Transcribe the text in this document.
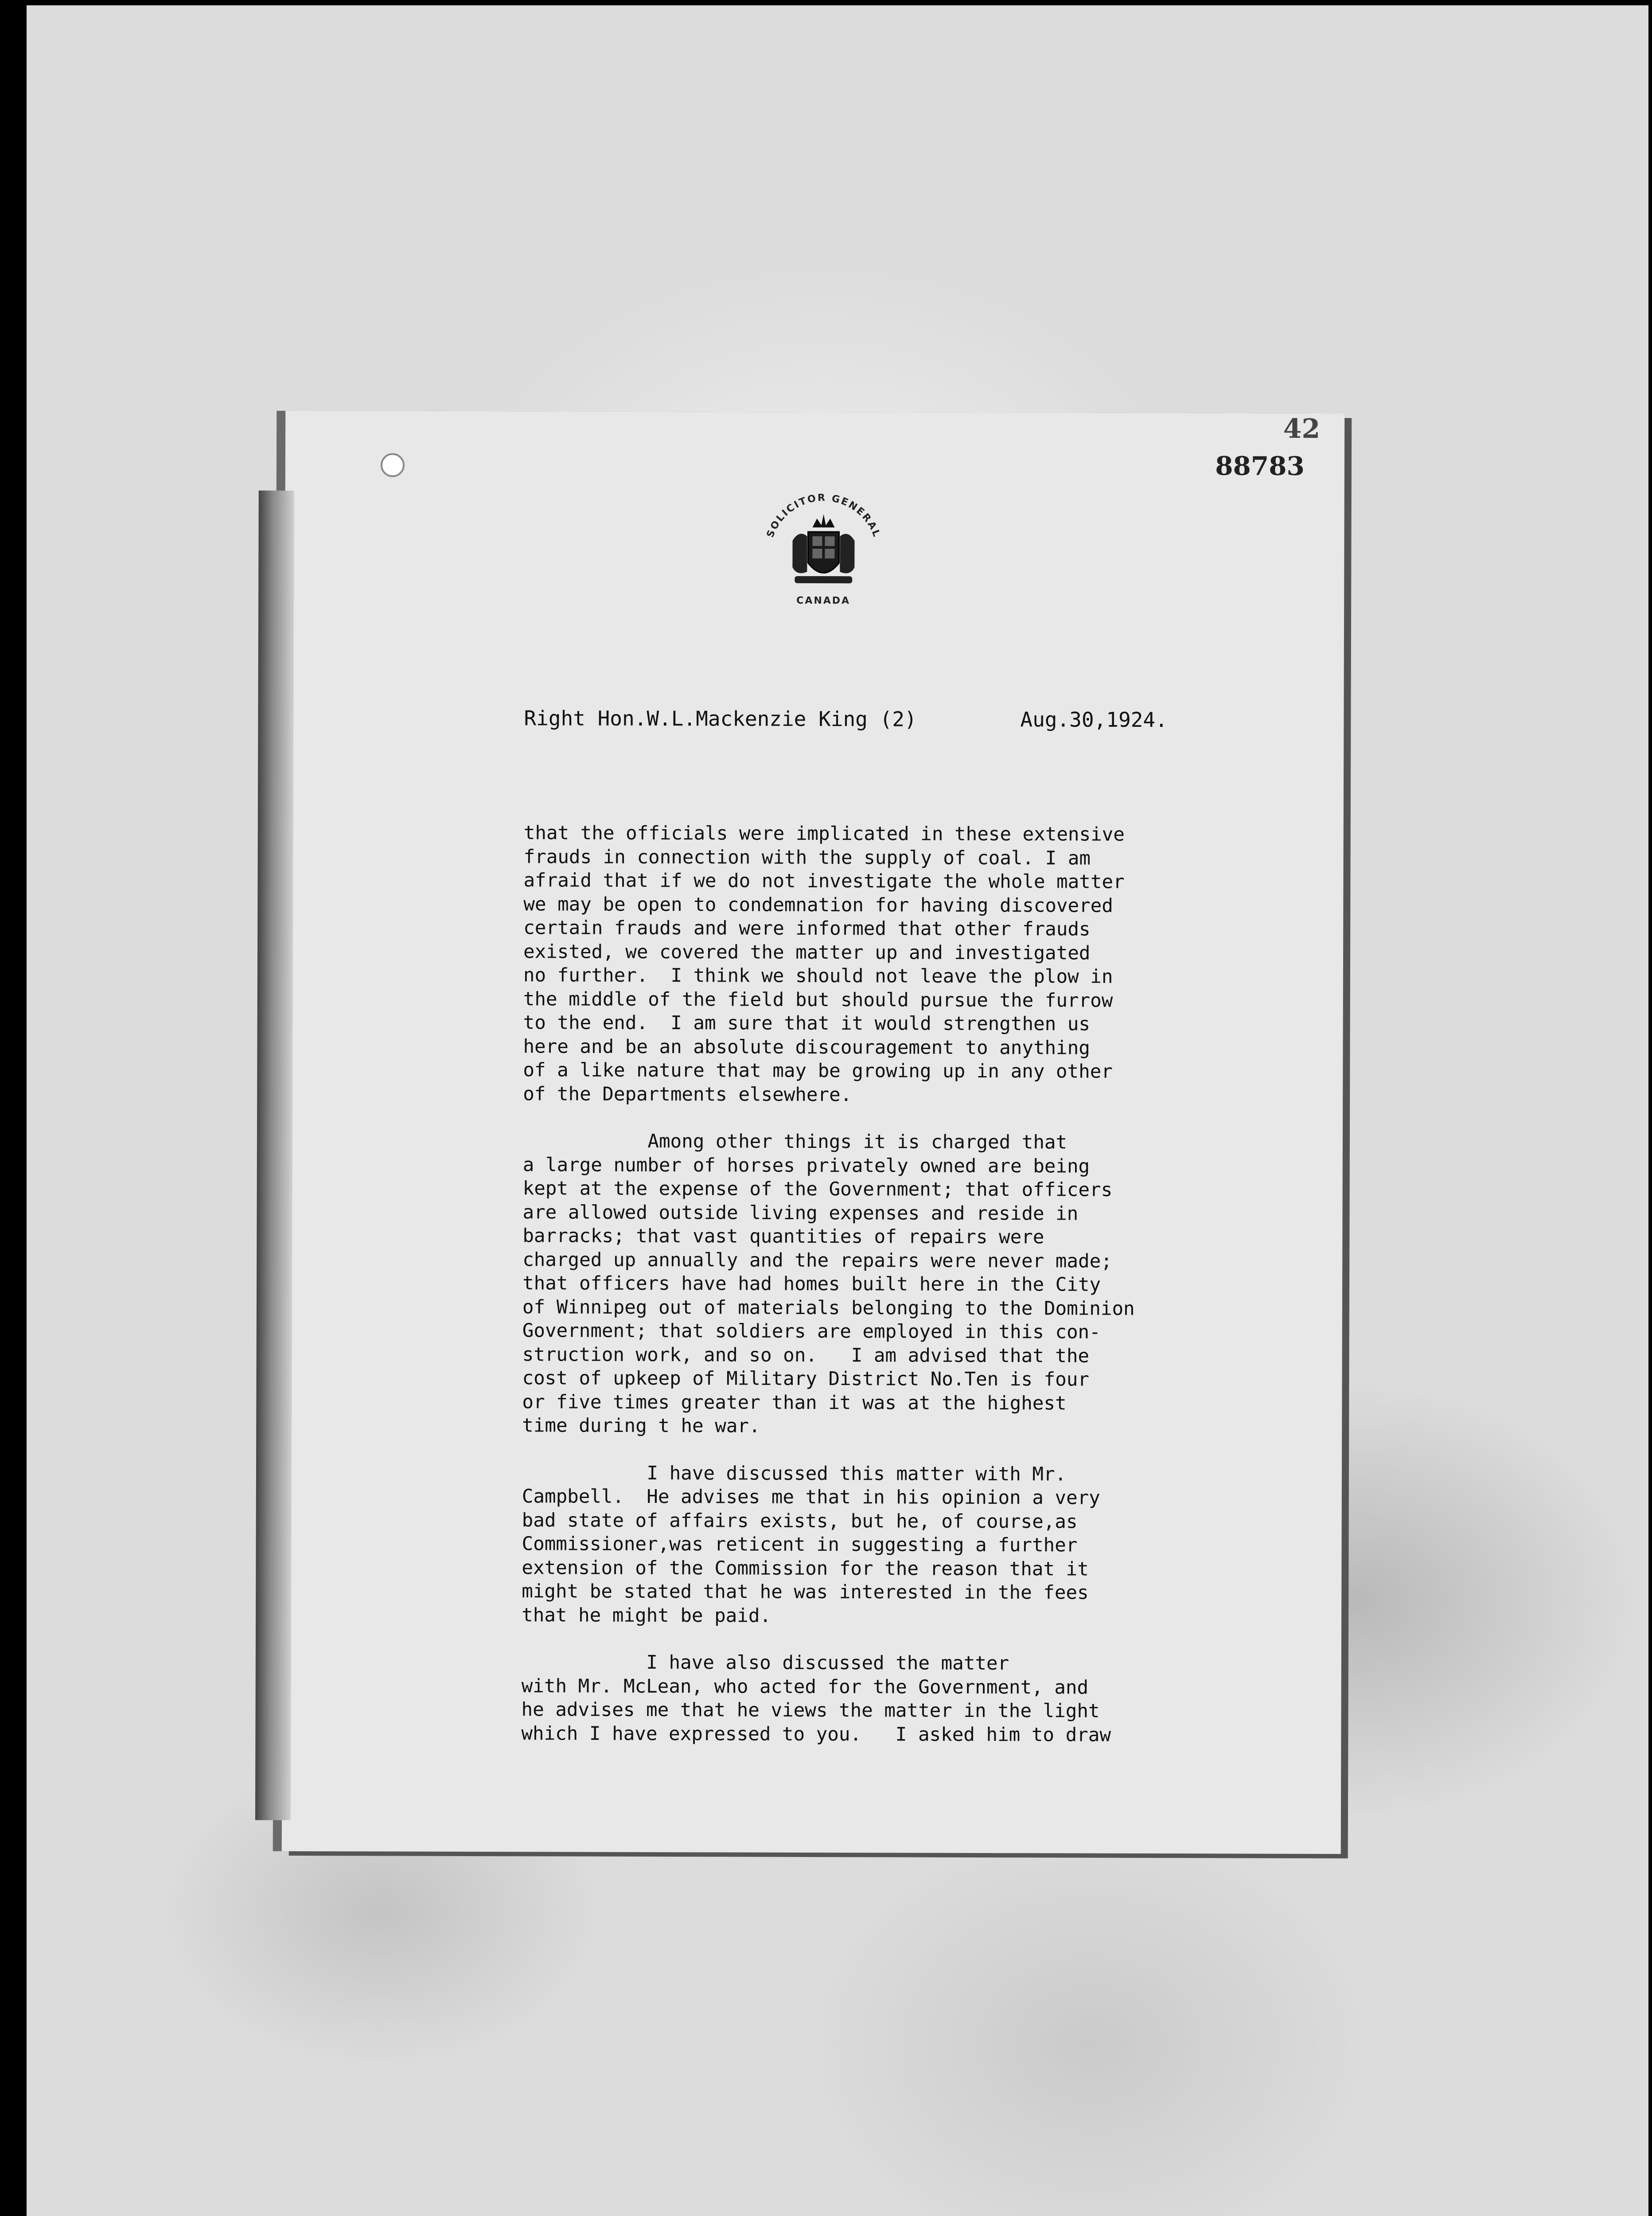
42
88783
SOLICITOR GENERAL
CANADA
Right Hon.W.L.Mackenzie King (2)	Aug.30,1924.

that the officials were implicated in these extensive
frauds in connection with the supply of coal. I am
afraid that if we do not investigate the whole matter
we may be open to condemnation for having discovered
certain frauds and were informed that other frauds
existed, we covered the matter up and investigated
no further.  I think we should not leave the plow in
the middle of the field but should pursue the furrow
to the end.  I am sure that it would strengthen us
here and be an absolute discouragement to anything
of a like nature that may be growing up in any other
of the Departments elsewhere.

Among other things it is charged that
a large number of horses privately owned are being
kept at the expense of the Government; that officers
are allowed outside living expenses and reside in
barracks; that vast quantities of repairs were
charged up annually and the repairs were never made;
that officers have had homes built here in the City
of Winnipeg out of materials belonging to the Dominion
Government; that soldiers are employed in this con-
struction work, and so on.   I am advised that the
cost of upkeep of Military District No.Ten is four
or five times greater than it was at the highest
time during t he war.

I have discussed this matter with Mr.
Campbell.  He advises me that in his opinion a very
bad state of affairs exists, but he, of course,as
Commissioner,was reticent in suggesting a further
extension of the Commission for the reason that it
might be stated that he was interested in the fees
that he might be paid.

I have also discussed the matter
with Mr. McLean, who acted for the Government, and
he advises me that he views the matter in the light
which I have expressed to you.   I asked him to draw
